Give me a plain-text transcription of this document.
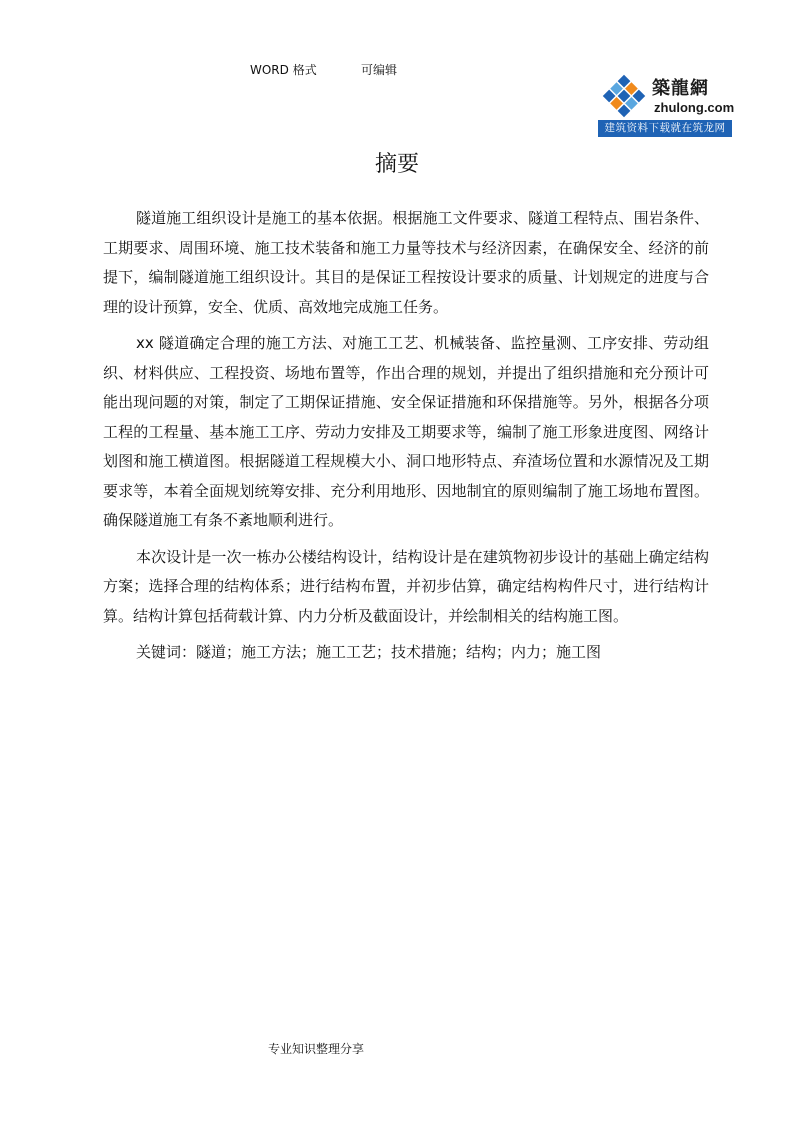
WORD 格式	可编辑
築龍網
zhulong.com
建筑资料下载就在筑龙网
摘要

隧道施工组织设计是施工的基本依据。根据施工文件要求、隧道工程特点、围岩条件、工期要求、周围环境、施工技术装备和施工力量等技术与经济因素，在确保安全、经济的前提下，编制隧道施工组织设计。其目的是保证工程按设计要求的质量、计划规定的进度与合理的设计预算，安全、优质、高效地完成施工任务。

xx 隧道确定合理的施工方法、对施工工艺、机械装备、监控量测、工序安排、劳动组织、材料供应、工程投资、场地布置等，作出合理的规划，并提出了组织措施和充分预计可能出现问题的对策，制定了工期保证措施、安全保证措施和环保措施等。另外，根据各分项工程的工程量、基本施工工序、劳动力安排及工期要求等，编制了施工形象进度图、网络计划图和施工横道图。根据隧道工程规模大小、洞口地形特点、弃渣场位置和水源情况及工期要求等，本着全面规划统筹安排、充分利用地形、因地制宜的原则编制了施工场地布置图。确保隧道施工有条不紊地顺利进行。

本次设计是一次一栋办公楼结构设计，结构设计是在建筑物初步设计的基础上确定结构方案；选择合理的结构体系；进行结构布置，并初步估算，确定结构构件尺寸，进行结构计算。结构计算包括荷载计算、内力分析及截面设计，并绘制相关的结构施工图。

关键词：隧道；施工方法；施工工艺；技术措施；结构；内力；施工图

专业知识整理分享
